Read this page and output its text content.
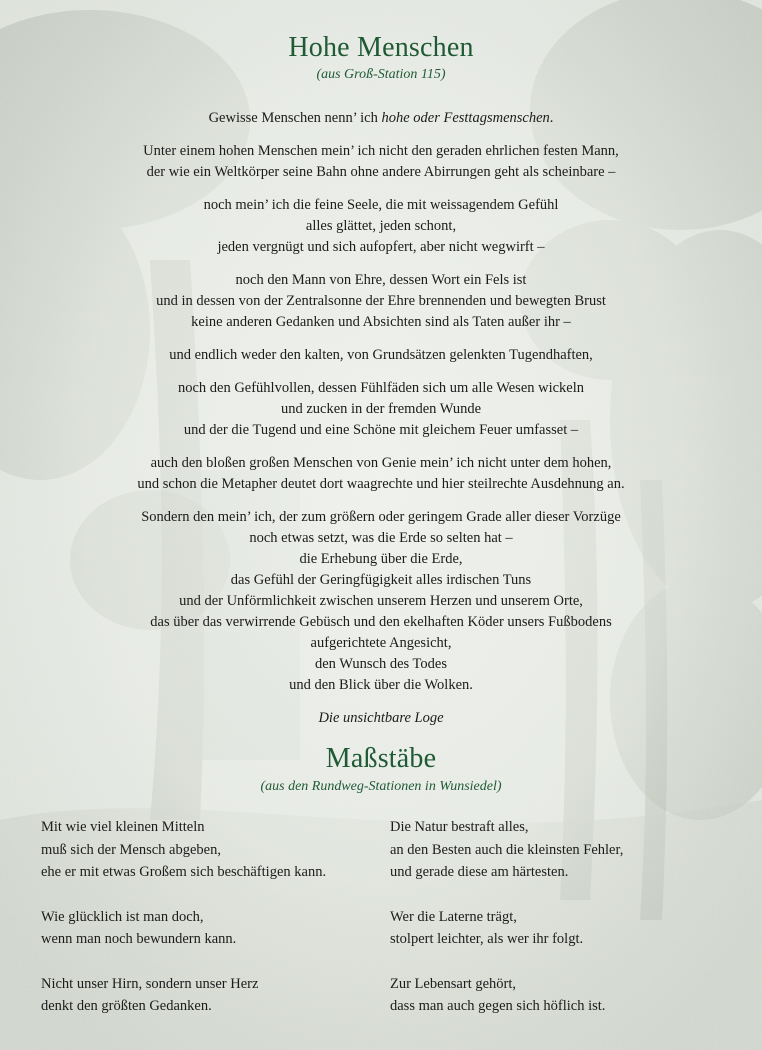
Hohe Menschen
(aus Groß-Station 115)
Gewisse Menschen nenn’ ich hohe oder Festtagsmenschen.
Unter einem hohen Menschen mein’ ich nicht den geraden ehrlichen festen Mann,
der wie ein Weltkörper seine Bahn ohne andere Abirrungen geht als scheinbare –
noch mein’ ich die feine Seele, die mit weissagendem Gefühl
alles glättet, jeden schont,
jeden vergnügt und sich aufopfert, aber nicht wegwirft –
noch den Mann von Ehre, dessen Wort ein Fels ist
und in dessen von der Zentralsonne der Ehre brennenden und bewegten Brust
keine anderen Gedanken und Absichten sind als Taten außer ihr –
und endlich weder den kalten, von Grundsätzen gelenkten Tugendhaften,
noch den Gefühlvollen, dessen Fühlfäden sich um alle Wesen wickeln
und zucken in der fremden Wunde
und der die Tugend und eine Schöne mit gleichem Feuer umfasset –
auch den bloßen großen Menschen von Genie mein’ ich nicht unter dem hohen,
und schon die Metapher deutet dort waagrechte und hier steilrechte Ausdehnung an.
Sondern den mein’ ich, der zum größern oder geringem Grade aller dieser Vorzüge
noch etwas setzt, was die Erde so selten hat –
die Erhebung über die Erde,
das Gefühl der Geringfügigkeit alles irdischen Tuns
und der Unförmlichkeit zwischen unserem Herzen und unserem Orte,
das über das verwirrende Gebüsch und den ekelhaften Köder unsers Fußbodens
aufgerichtete Angesicht,
den Wunsch des Todes
und den Blick über die Wolken.
Die unsichtbare Loge
Maßstäbe
(aus den Rundweg-Stationen in Wunsiedel)
Mit wie viel kleinen Mitteln
muß sich der Mensch abgeben,
ehe er mit etwas Großem sich beschäftigen kann.
Wie glücklich ist man doch,
wenn man noch bewundern kann.
Nicht unser Hirn, sondern unser Herz
denkt den größten Gedanken.
Die Natur bestraft alles,
an den Besten auch die kleinsten Fehler,
und gerade diese am härtesten.
Wer die Laterne trägt,
stolpert leichter, als wer ihr folgt.
Zur Lebensart gehört,
dass man auch gegen sich höflich ist.
